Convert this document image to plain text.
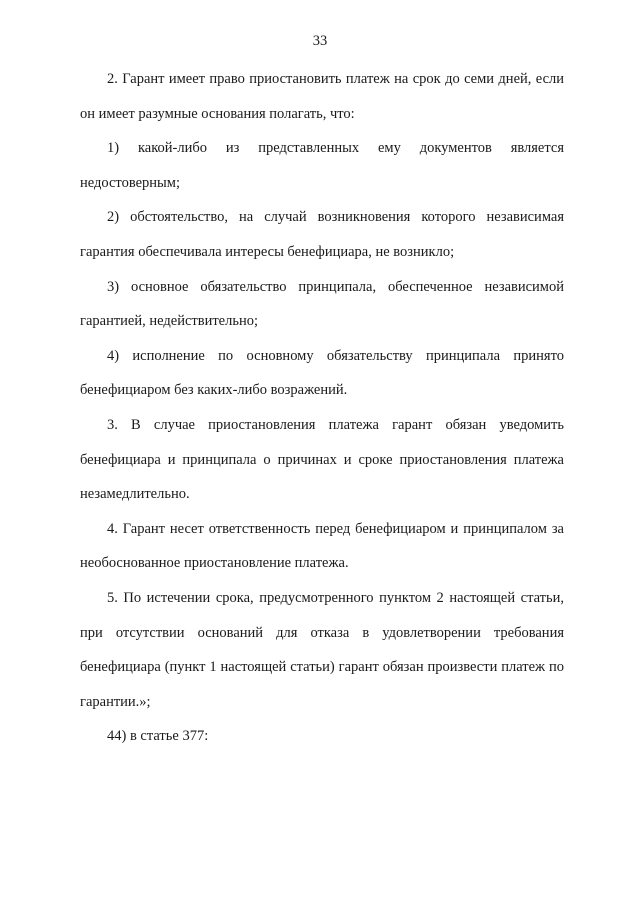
33

2. Гарант имеет право приостановить платеж на срок до семи дней, если он имеет разумные основания полагать, что:

1) какой-либо из представленных ему документов является недостоверным;

2) обстоятельство, на случай возникновения которого независимая гарантия обеспечивала интересы бенефициара, не возникло;

3) основное обязательство принципала, обеспеченное независимой гарантией, недействительно;

4) исполнение по основному обязательству принципала принято бенефициаром без каких-либо возражений.

3. В случае приостановления платежа гарант обязан уведомить бенефициара и принципала о причинах и сроке приостановления платежа незамедлительно.

4. Гарант несет ответственность перед бенефициаром и принципалом за необоснованное приостановление платежа.

5. По истечении срока, предусмотренного пунктом 2 настоящей статьи, при отсутствии оснований для отказа в удовлетворении требования бенефициара (пункт 1 настоящей статьи) гарант обязан произвести платеж по гарантии.»;

44) в статье 377:
